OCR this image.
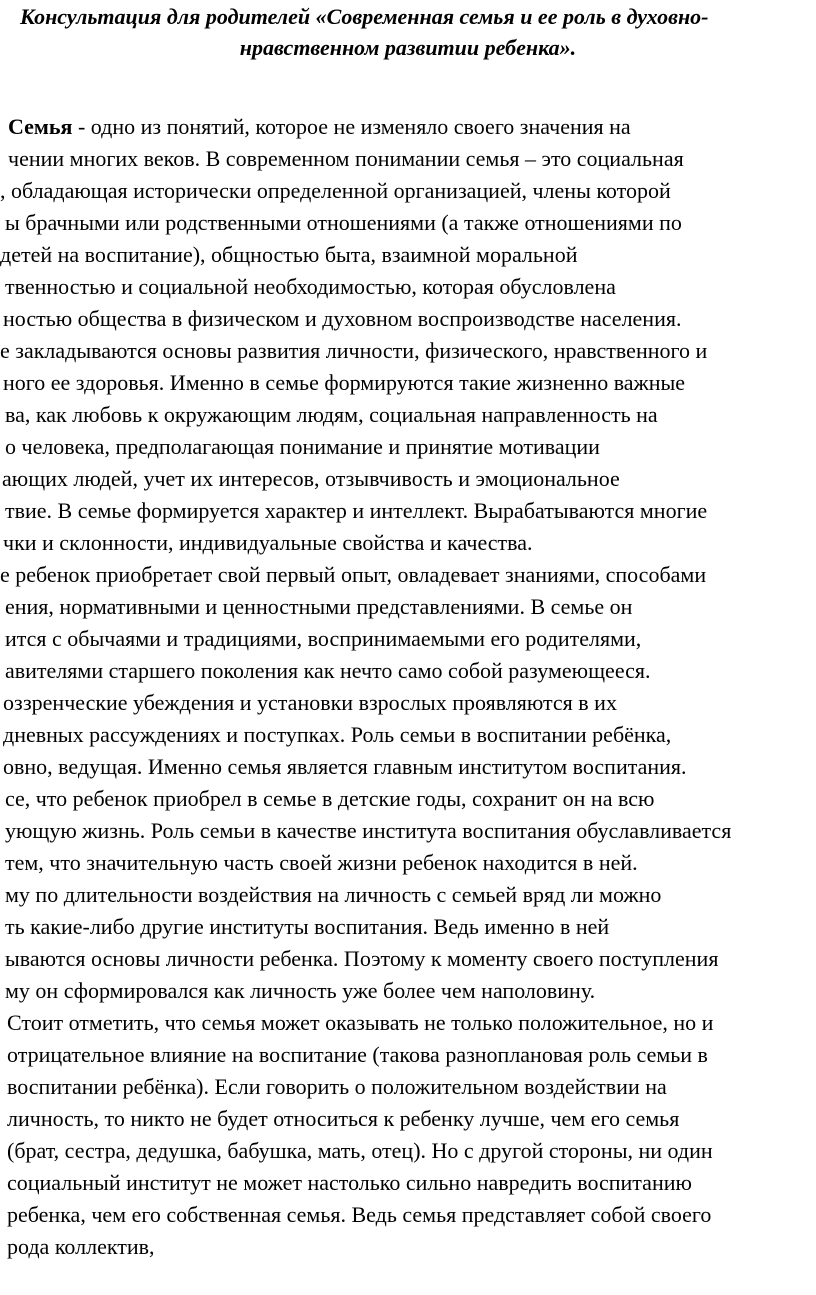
Консультация для родителей «Современная семья и ее роль в духовно-
нравственном развитии ребенка».
Семья - одно из понятий, которое не изменяло своего значения на
чении многих веков. В современном понимании семья – это социальная
, обладающая исторически определенной организацией, члены которой
ы брачными или родственными отношениями (а также отношениями по
детей на воспитание), общностью быта, взаимной моральной
твенностью и социальной необходимостью, которая обусловлена
ностью общества в физическом и духовном воспроизводстве населения.
е закладываются основы развития личности, физического, нравственного и
ного ее здоровья. Именно в семье формируются такие жизненно важные
ва, как любовь к окружающим людям, социальная направленность на
о человека, предполагающая понимание и принятие мотивации
ающих людей, учет их интересов, отзывчивость и эмоциональное
твие. В семье формируется характер и интеллект. Вырабатываются многие
чки и склонности, индивидуальные свойства и качества.
е ребенок приобретает свой первый опыт, овладевает знаниями, способами
ения, нормативными и ценностными представлениями. В семье он
ится с обычаями и традициями, воспринимаемыми его родителями,
авителями старшего поколения как нечто само собой разумеющееся.
оззренческие убеждения и установки взрослых проявляются в их
дневных рассуждениях и поступках. Роль семьи в воспитании ребёнка,
овно, ведущая. Именно семья является главным институтом воспитания.
се, что ребенок приобрел в семье в детские годы, сохранит он на всю
ующую жизнь. Роль семьи в качестве института воспитания обуславливается
тем, что значительную часть своей жизни ребенок находится в ней.
му по длительности воздействия на личность с семьей вряд ли можно
ть какие-либо другие институты воспитания. Ведь именно в ней
ываются основы личности ребенка. Поэтому к моменту своего поступления
му он сформировался как личность уже более чем наполовину.
Стоит отметить, что семья может оказывать не только положительное, но и
отрицательное влияние на воспитание (такова разноплановая роль семьи в
воспитании ребёнка). Если говорить о положительном воздействии на
личность, то никто не будет относиться к ребенку лучше, чем его семья
(брат, сестра, дедушка, бабушка, мать, отец). Но с другой стороны, ни один
социальный институт не может настолько сильно навредить воспитанию
ребенка, чем его собственная семья. Ведь семья представляет собой своего
рода коллектив,
